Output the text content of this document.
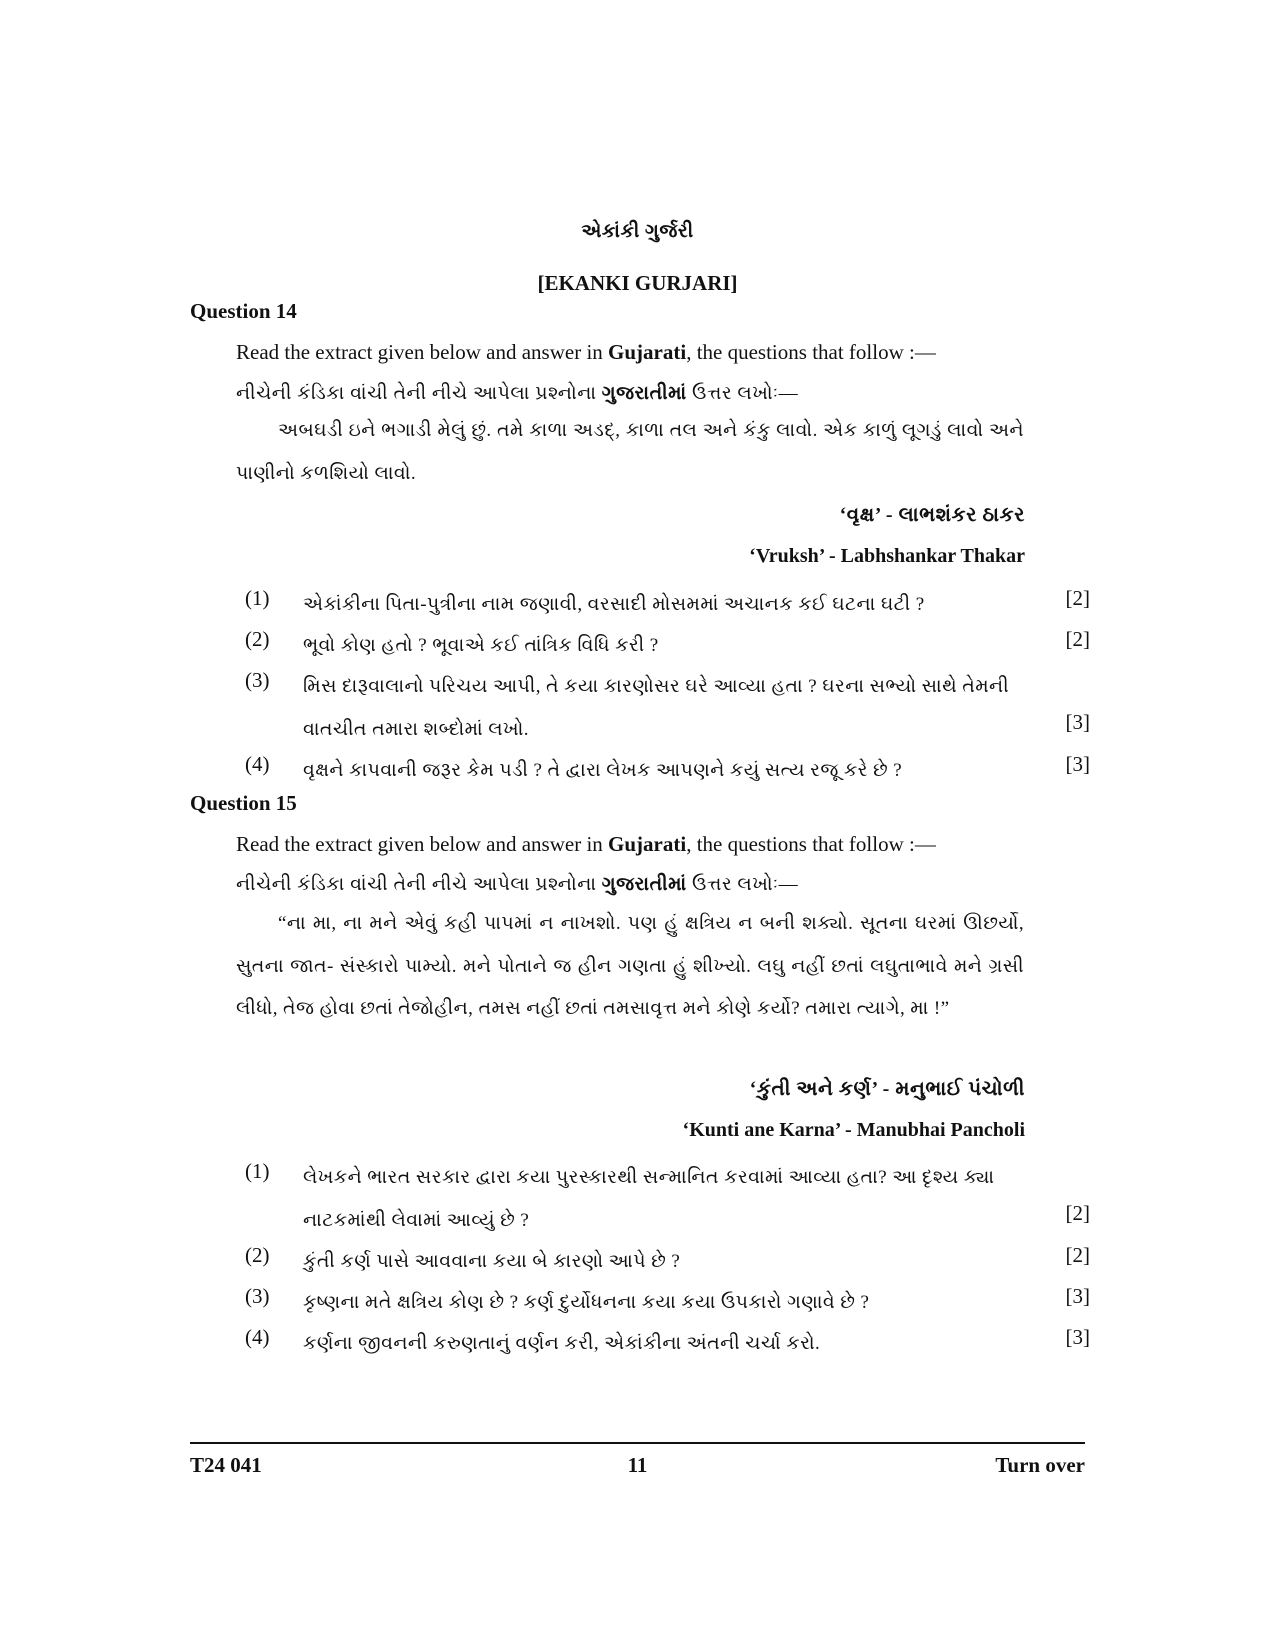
એકાંકી ગુર્જરી
[EKANKI GURJARI]
Question 14
Read the extract given below and answer in Gujarati, the questions that follow :—
નીચેની કંડિકા વાંચી તેની નીચે આપેલા પ્રશ્નોના ગુજરાતીમાં ઉત્તર લખોઃ—
અબઘડી ઇને ભગાડી મેલું છું. તમે કાળા અડદ્, કાળા તલ અને કંકુ લાવો. એક કાળું લૂગડું લાવો અને પાણીનો કળશિયો લાવો.
‘વૃક્ષ’ - લાભશંકર ઠાકર
‘Vruksh’ - Labhshankar Thakar
(1) એકાંકીના પિતા-પુત્રીના નામ જણાવી, વરસાદી મોસમમાં અચાનક કઈ ઘટના ઘટી ?	[2]
(2) ભૂવો કોણ હતો ? ભૂવાએ કઈ તાંત્રિક વિધિ કરી ?	[2]
(3) મિસ દારૂવાલાનો પરિચય આપી, તે કયા કારણોસર ઘરે આવ્યા હતા ? ઘરના સભ્યો સાથે તેમની વાતચીત તમારા શબ્દોમાં લખો.	[3]
(4) વૃક્ષને કાપવાની જરૂર કેમ પડી ? તે દ્વારા લેખક આપણને કયું સત્ય રજૂ કરે છે ?	[3]
Question 15
Read the extract given below and answer in Gujarati, the questions that follow :—
નીચેની કંડિકા વાંચી તેની નીચે આપેલા પ્રશ્નોના ગુજરાતીમાં ઉત્તર લખોઃ—
“ના મા, ના મને એવું કહી પાપમાં ન નાખશો. પણ હું ક્ષત્રિય ન બની શક્યો. સૂતના ઘરમાં ઊછર્યો, સુતના જાત- સંસ્કારો પામ્યો. મને પોતાને જ હીન ગણતા હું શીખ્યો. લઘુ નહીં છતાં લઘુતાભાવે મને ગ્રસી લીધો, તેજ હોવા છતાં તેજોહીન, તમસ નહીં છતાં તમસાવૃત્ત મને કોણે કર્યો? તમારા ત્યાગે, મા !”
‘કુંતી અને કર્ણ’ - મનુભાઈ પંચોળી
‘Kunti ane Karna’ - Manubhai Pancholi
(1) લેખકને ભારત સરકાર દ્વારા કયા પુરસ્કારથી સન્માનિત કરવામાં આવ્યા હતા? આ દૃશ્ય ક્યા નાટકમાંથી લેવામાં આવ્યું છે ?	[2]
(2) કુંતી કર્ણ પાસે આવવાના કયા બે કારણો આપે છે ?	[2]
(3) કૃષ્ણના મતે ક્ષત્રિય કોણ છે ? કર્ણ દુર્યોધનના કયા કયા ઉપકારો ગણાવે છે ?	[3]
(4) કર્ણના જીવનની કરુણતાનું વર્ણન કરી, એકાંકીના અંતની ચર્ચા કરો.	[3]
T24 041	11	Turn over
